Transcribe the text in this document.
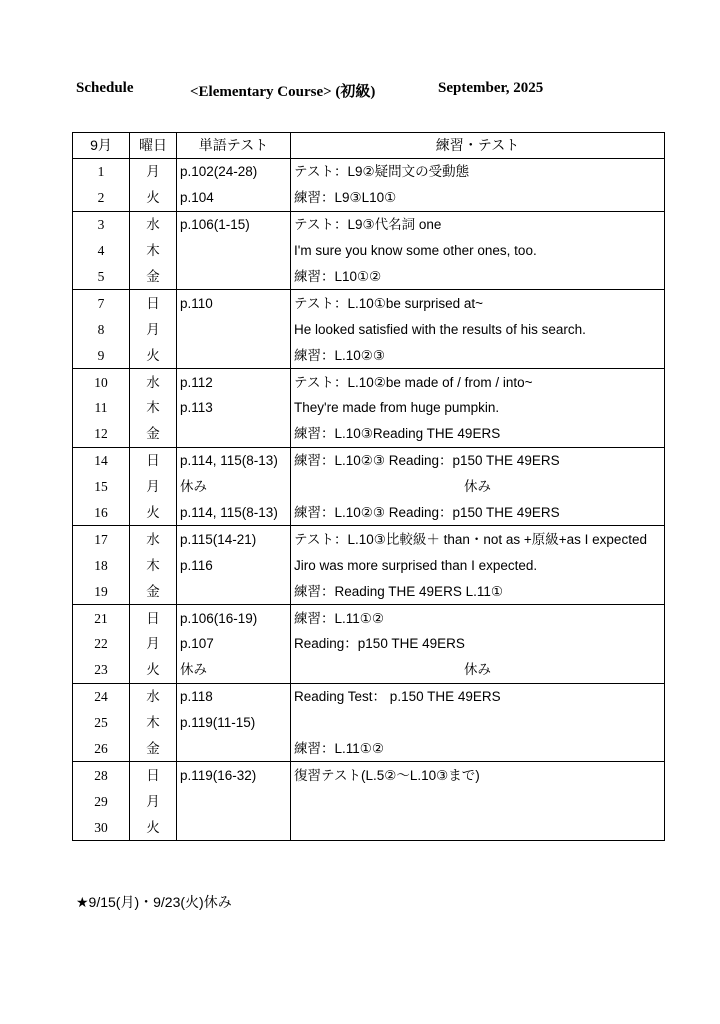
Schedule	<Elementary Course> (初級)	September, 2025
9月	曜日	単語テスト	練習・テスト
1	月	p.102(24-28)	テスト：L9②疑問文の受動態
2	火	p.104	練習：L9③L10①
3	水	p.106(1-15)	テスト：L9③代名詞 one
4	木		I'm sure you know some other ones, too.
5	金		練習：L10①②
7	日	p.110	テスト：L.10①be surprised at~
8	月		He looked satisfied with the results of his search.
9	火		練習：L.10②③
10	水	p.112	テスト：L.10②be made of / from / into~
11	木	p.113	They're made from huge pumpkin.
12	金		練習：L.10③Reading THE 49ERS
14	日	p.114, 115(8-13)	練習：L.10②③ Reading：p150 THE 49ERS
15	月	休み	休み
16	火	p.114, 115(8-13)	練習：L.10②③ Reading：p150 THE 49ERS
17	水	p.115(14-21)	テスト：L.10③比較級＋ than・not as +原級+as I expected
18	木	p.116	Jiro was more surprised than I expected.
19	金		練習：Reading THE 49ERS L.11①
21	日	p.106(16-19)	練習：L.11①②
22	月	p.107	Reading：p150 THE 49ERS
23	火	休み	休み
24	水	p.118	Reading Test： p.150 THE 49ERS
25	木	p.119(11-15)	
26	金		練習：L.11①②
28	日	p.119(16-32)	復習テスト(L.5②～L.10③まで)
29	月		
30	火		
★9/15(月)・9/23(火)休み
